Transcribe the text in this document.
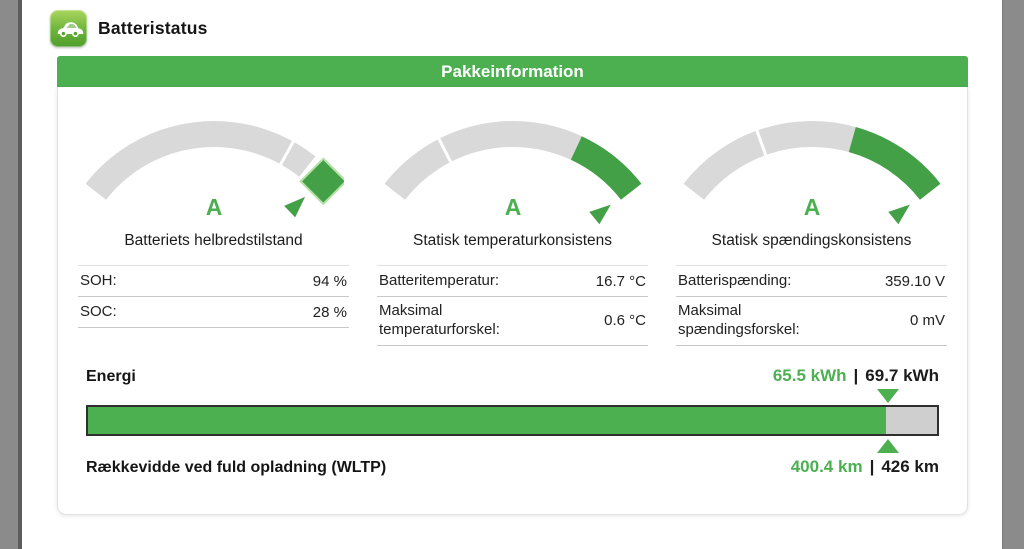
Batteristatus
Pakkeinformation
A
Batteriets helbredstilstand
SOH:	94 %
SOC:	28 %
A
Statisk temperaturkonsistens
Batteritemperatur:	16.7 °C
Maksimal temperaturforskel:	0.6 °C
A
Statisk spændingskonsistens
Batterispænding:	359.10 V
Maksimal spændingsforskel:	0 mV
Energi	65.5 kWh | 69.7 kWh
Rækkevidde ved fuld opladning (WLTP)	400.4 km | 426 km
